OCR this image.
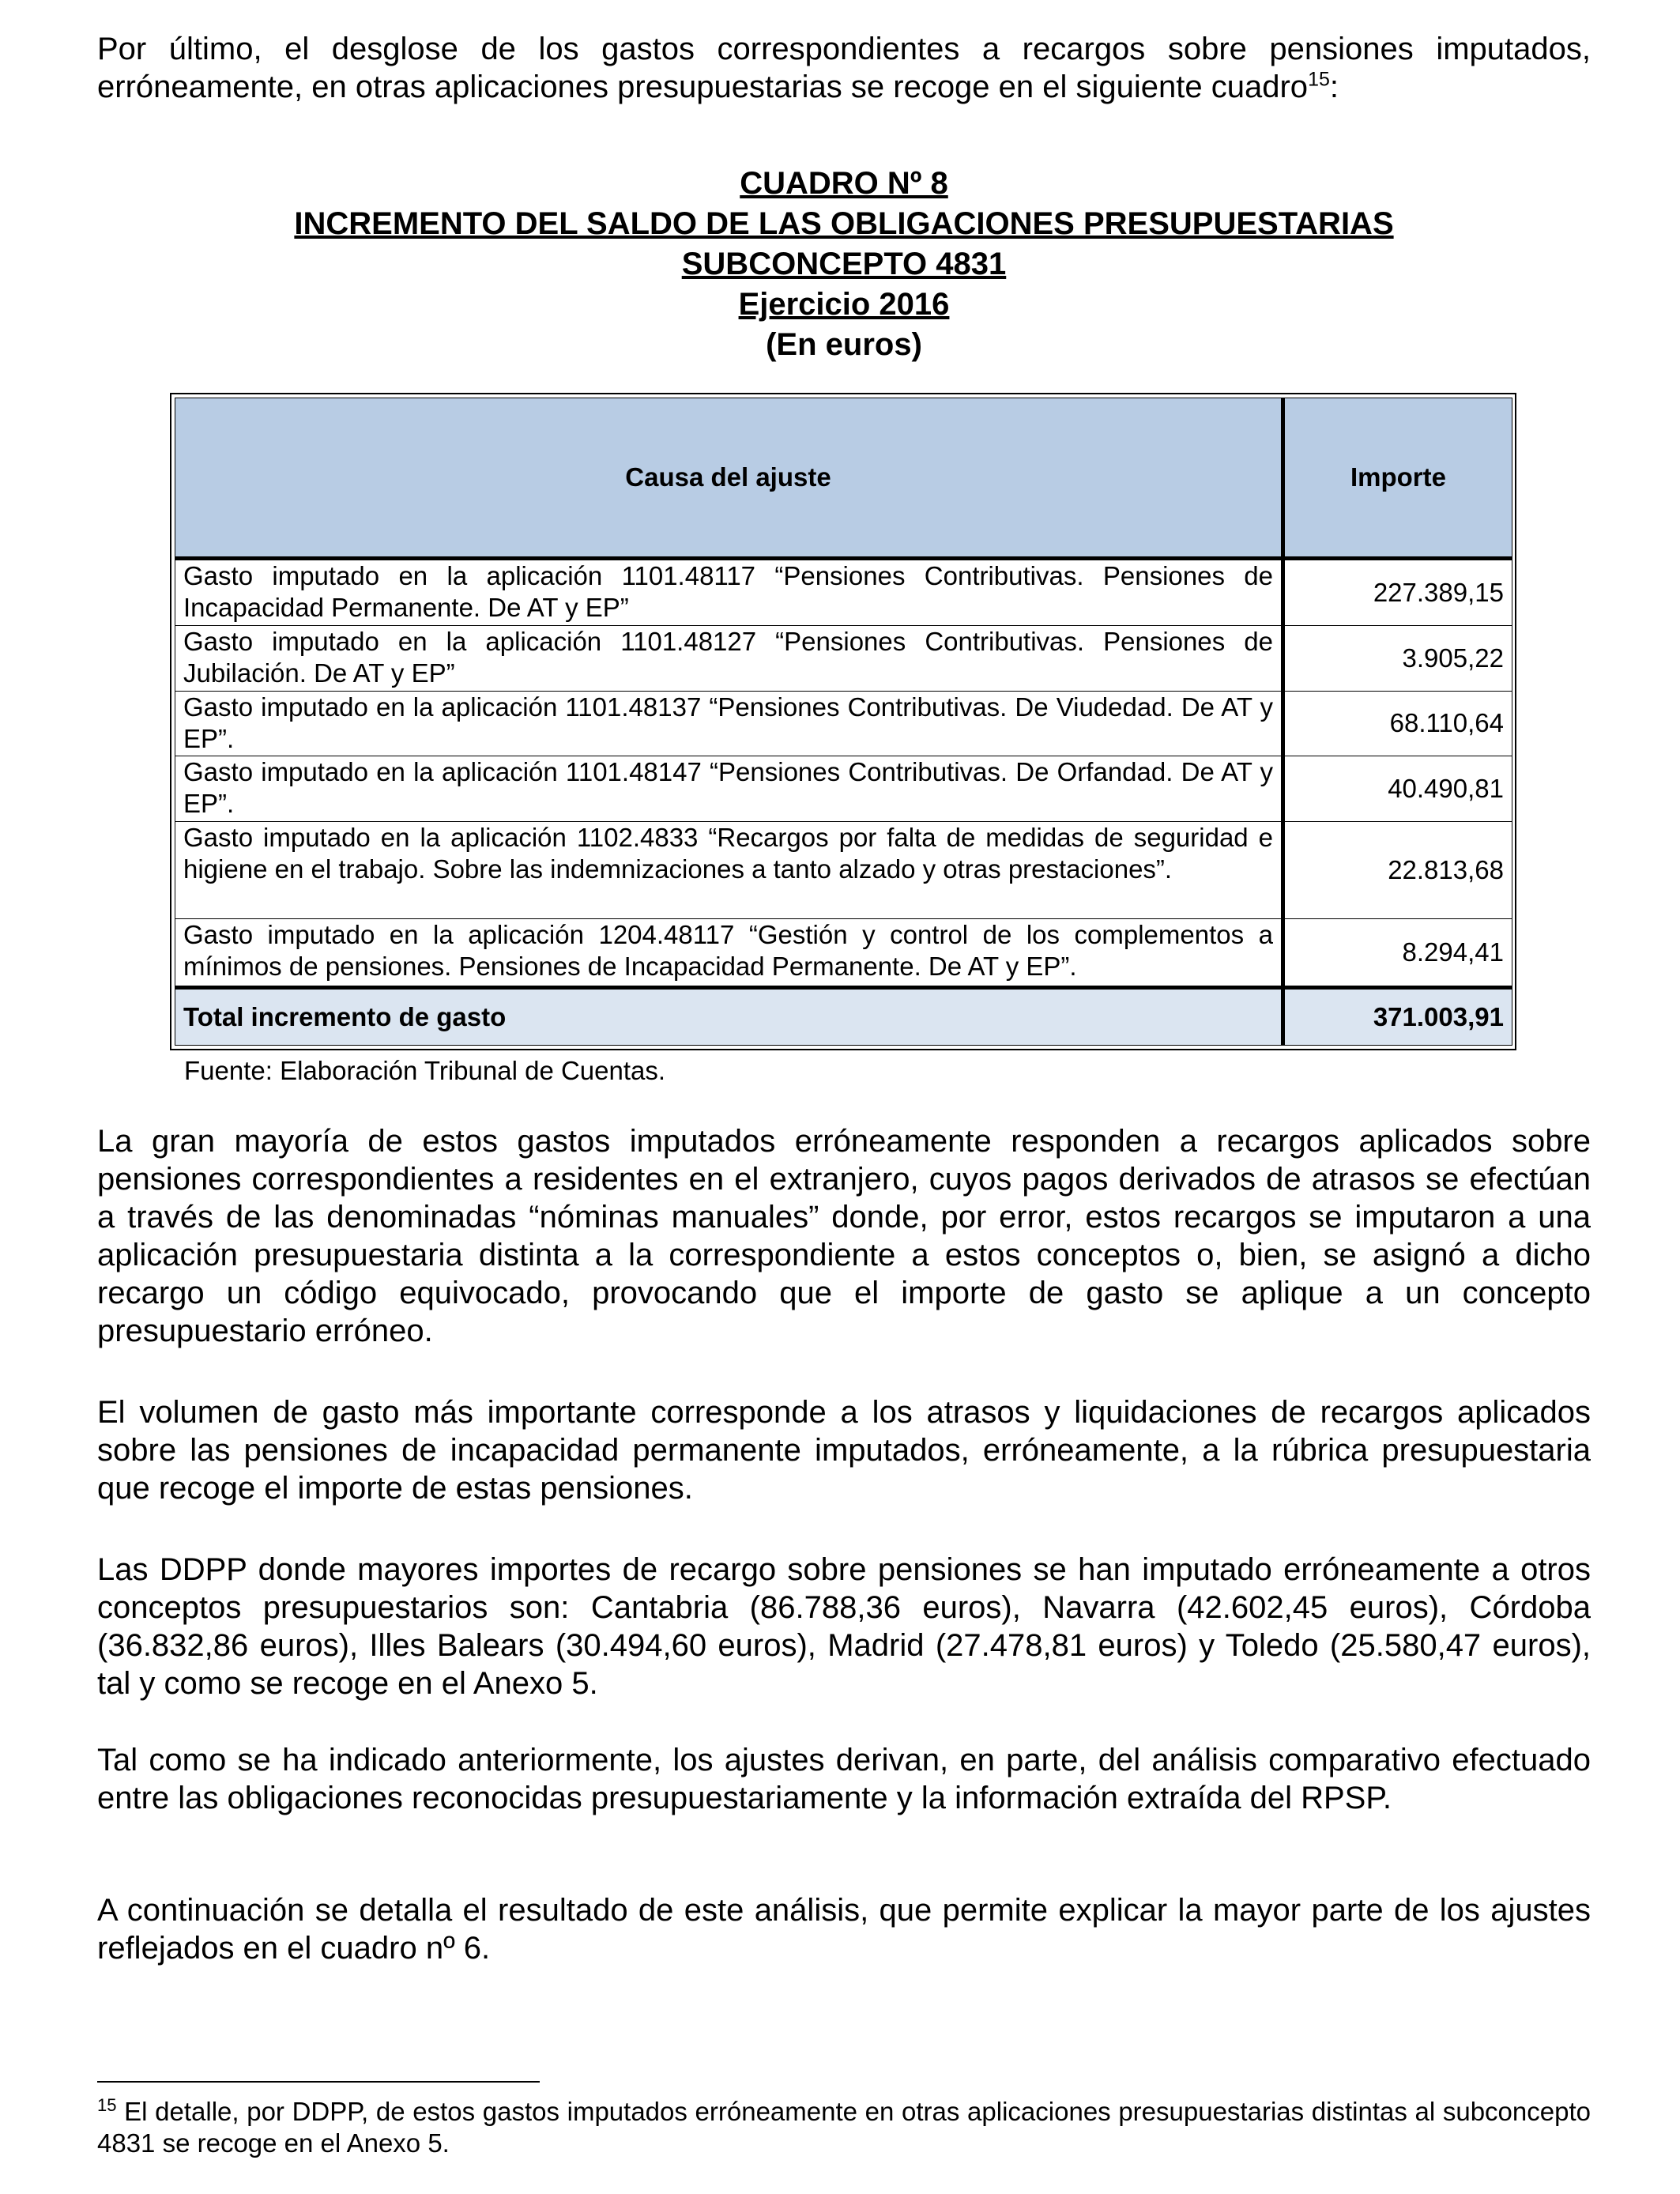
Por último, el desglose de los gastos correspondientes a recargos sobre pensiones imputados, erróneamente, en otras aplicaciones presupuestarias se recoge en el siguiente cuadro$^{15}$:

CUADRO Nº 8
INCREMENTO DEL SALDO DE LAS OBLIGACIONES PRESUPUESTARIAS
SUBCONCEPTO 4831
Ejercicio 2016
(En euros)
Causa del ajuste	Importe
Gasto imputado en la aplicación 1101.48117 “Pensiones Contributivas. Pensiones de Incapacidad Permanente. De AT y EP”	227.389,15
Gasto imputado en la aplicación 1101.48127 “Pensiones Contributivas. Pensiones de Jubilación. De AT y EP”	3.905,22
Gasto imputado en la aplicación 1101.48137 “Pensiones Contributivas. De Viudedad. De AT y EP”.	68.110,64
Gasto imputado en la aplicación 1101.48147 “Pensiones Contributivas. De Orfandad. De AT y EP”.	40.490,81
Gasto imputado en la aplicación 1102.4833 “Recargos por falta de medidas de seguridad e higiene en el trabajo. Sobre las indemnizaciones a tanto alzado y otras prestaciones”.	22.813,68
Gasto imputado en la aplicación 1204.48117 “Gestión y control de los complementos a mínimos de pensiones. Pensiones de Incapacidad Permanente. De AT y EP”.	8.294,41
Total incremento de gasto	371.003,91
Fuente: Elaboración Tribunal de Cuentas.

La gran mayoría de estos gastos imputados erróneamente responden a recargos aplicados sobre pensiones correspondientes a residentes en el extranjero, cuyos pagos derivados de atrasos se efectúan a través de las denominadas “nóminas manuales” donde, por error, estos recargos se imputaron a una aplicación presupuestaria distinta a la correspondiente a estos conceptos o, bien, se asignó a dicho recargo un código equivocado, provocando que el importe de gasto se aplique a un concepto presupuestario erróneo.

El volumen de gasto más importante corresponde a los atrasos y liquidaciones de recargos aplicados sobre las pensiones de incapacidad permanente imputados, erróneamente, a la rúbrica presupuestaria que recoge el importe de estas pensiones.

Las DDPP donde mayores importes de recargo sobre pensiones se han imputado erróneamente a otros conceptos presupuestarios son: Cantabria (86.788,36 euros), Navarra (42.602,45 euros), Córdoba (36.832,86 euros), Illes Balears (30.494,60 euros), Madrid (27.478,81 euros) y Toledo (25.580,47 euros), tal y como se recoge en el Anexo 5.

Tal como se ha indicado anteriormente, los ajustes derivan, en parte, del análisis comparativo efectuado entre las obligaciones reconocidas presupuestariamente y la información extraída del RPSP.

A continuación se detalla el resultado de este análisis, que permite explicar la mayor parte de los ajustes reflejados en el cuadro nº 6.

$^{15}$ El detalle, por DDPP, de estos gastos imputados erróneamente en otras aplicaciones presupuestarias distintas al subconcepto 4831 se recoge en el Anexo 5.
